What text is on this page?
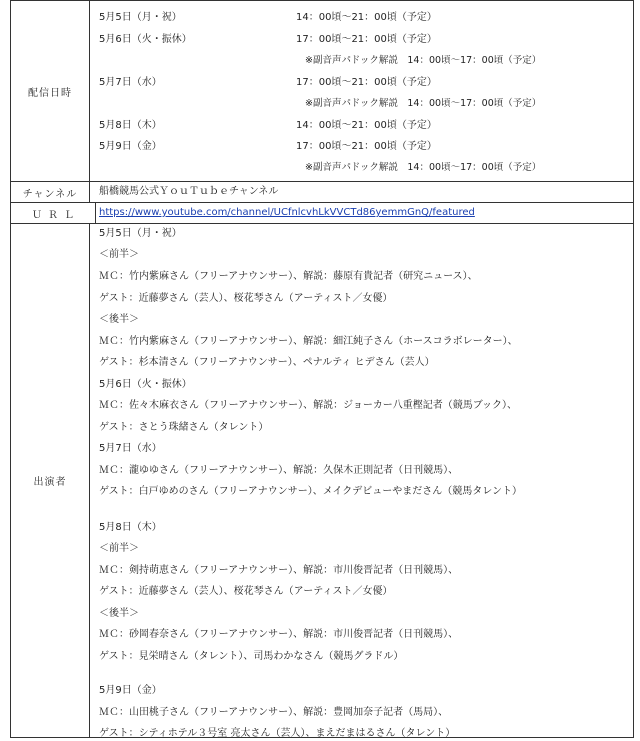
配信日時
5月5日（月・祝）	14：00頃～21：00頃（予定）
5月6日（火・振休）	17：00頃～21：00頃（予定）
※副音声パドック解説　14：00頃～17：00頃（予定）
5月7日（水）	17：00頃～21：00頃（予定）
※副音声パドック解説　14：00頃～17：00頃（予定）
5月8日（木）	14：00頃～21：00頃（予定）
5月9日（金）	17：00頃～21：00頃（予定）
※副音声パドック解説　14：00頃～17：00頃（予定）
チャンネル	船橋競馬公式ＹｏｕＴｕｂｅチャンネル
ＵＲＬ	https://www.youtube.com/channel/UCfnlcvhLkVVCTd86yemmGnQ/featured
出演者
5月5日（月・祝）
＜前半＞
ＭＣ：竹内紫麻さん（フリーアナウンサー）、解説：藤原有貴記者（研究ニュース）、
ゲスト：近藤夢さん（芸人）、桜花琴さん（アーティスト／女優）
＜後半＞
ＭＣ：竹内紫麻さん（フリーアナウンサー）、解説：細江純子さん（ホースコラボレーター）、
ゲスト：杉本清さん（フリーアナウンサー）、ペナルティ ヒデさん（芸人）
5月6日（火・振休）
ＭＣ：佐々木麻衣さん（フリーアナウンサー）、解説：ジョーカー八重樫記者（競馬ブック）、
ゲスト：さとう珠緒さん（タレント）
5月7日（水）
ＭＣ：瀧ゆゆさん（フリーアナウンサー）、解説：久保木正則記者（日刊競馬）、
ゲスト：白戸ゆめのさん（フリーアナウンサー）、メイクデビューやまださん（競馬タレント）
5月8日（木）
＜前半＞
ＭＣ：剣持萌恵さん（フリーアナウンサー）、解説：市川俊晋記者（日刊競馬）、
ゲスト：近藤夢さん（芸人）、桜花琴さん（アーティスト／女優）
＜後半＞
ＭＣ：砂岡春奈さん（フリーアナウンサー）、解説：市川俊晋記者（日刊競馬）、
ゲスト：見栄晴さん（タレント）、司馬わかなさん（競馬グラドル）
5月9日（金）
ＭＣ：山田桃子さん（フリーアナウンサー）、解説：豊岡加奈子記者（馬局）、
ゲスト：シティホテル３号室 亮太さん（芸人）、まえだまはるさん（タレント）
